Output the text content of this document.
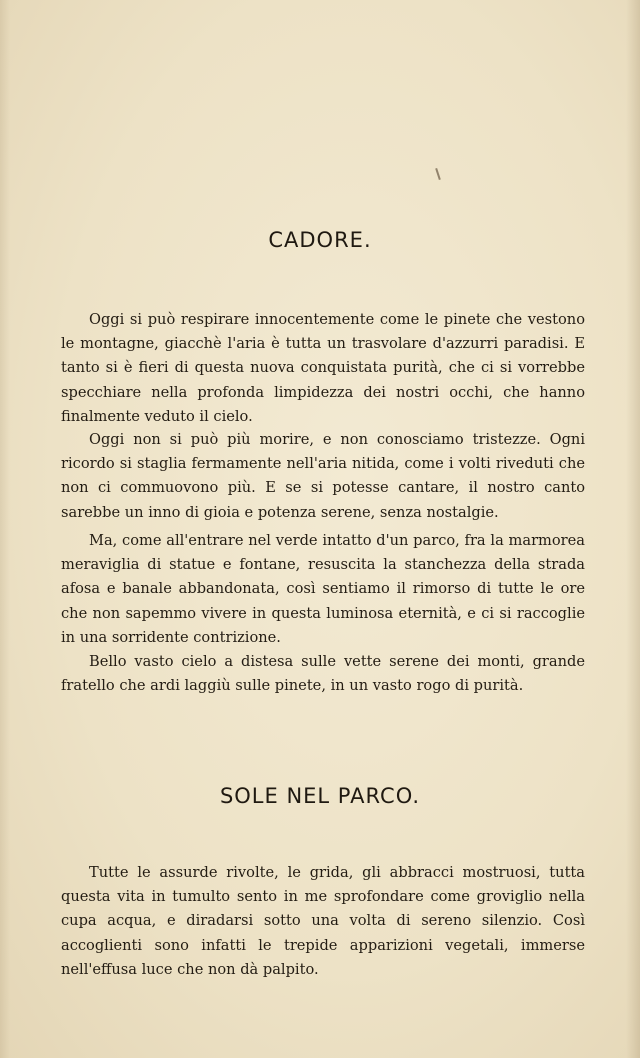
CADORE.

Oggi si può respirare innocentemente come le pinete che vestono le montagne, giacchè l'aria è tutta un trasvolare d'azzurri paradisi. E tanto si è fieri di questa nuova conquistata purità, che ci si vorrebbe specchiare nella profonda limpidezza dei nostri occhi, che hanno finalmente veduto il cielo.

Oggi non si può più morire, e non conosciamo tristezze. Ogni ricordo si staglia fermamente nell'aria nitida, come i volti riveduti che non ci commuovono più. E se si potesse cantare, il nostro canto sarebbe un inno di gioia e potenza serene, senza nostalgie.

Ma, come all'entrare nel verde intatto d'un parco, fra la marmorea meraviglia di statue e fontane, resuscita la stanchezza della strada afosa e banale abbandonata, così sentiamo il rimorso di tutte le ore che non sapemmo vivere in questa luminosa eternità, e ci si raccoglie in una sorridente contrizione.

Bello vasto cielo a distesa sulle vette serene dei monti, grande fratello che ardi laggiù sulle pinete, in un vasto rogo di purità.

SOLE NEL PARCO.

Tutte le assurde rivolte, le grida, gli abbracci mostruosi, tutta questa vita in tumulto sento in me sprofondare come groviglio nella cupa acqua, e diradarsi sotto una volta di sereno silenzio. Così accoglienti sono infatti le trepide apparizioni vegetali, immerse nell'effusa luce che non dà palpito.
